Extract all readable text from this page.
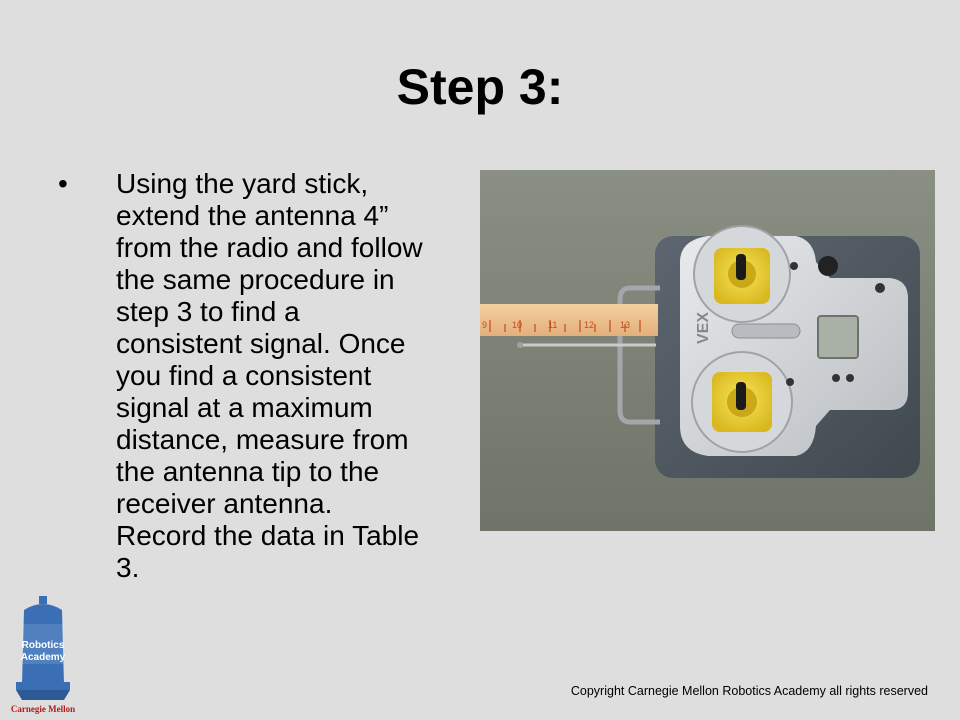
Step 3:
• Using the yard stick,
extend the antenna 4”
from the radio and follow
the same procedure in
step 3 to find a
consistent signal. Once
you find a consistent
signal at a maximum
distance, measure from
the antenna tip to the
receiver antenna.
Record the data in Table
3.
VEX
9	10	11	12	13
Robotics
Academy
Carnegie Mellon
Copyright Carnegie Mellon Robotics Academy all rights reserved
